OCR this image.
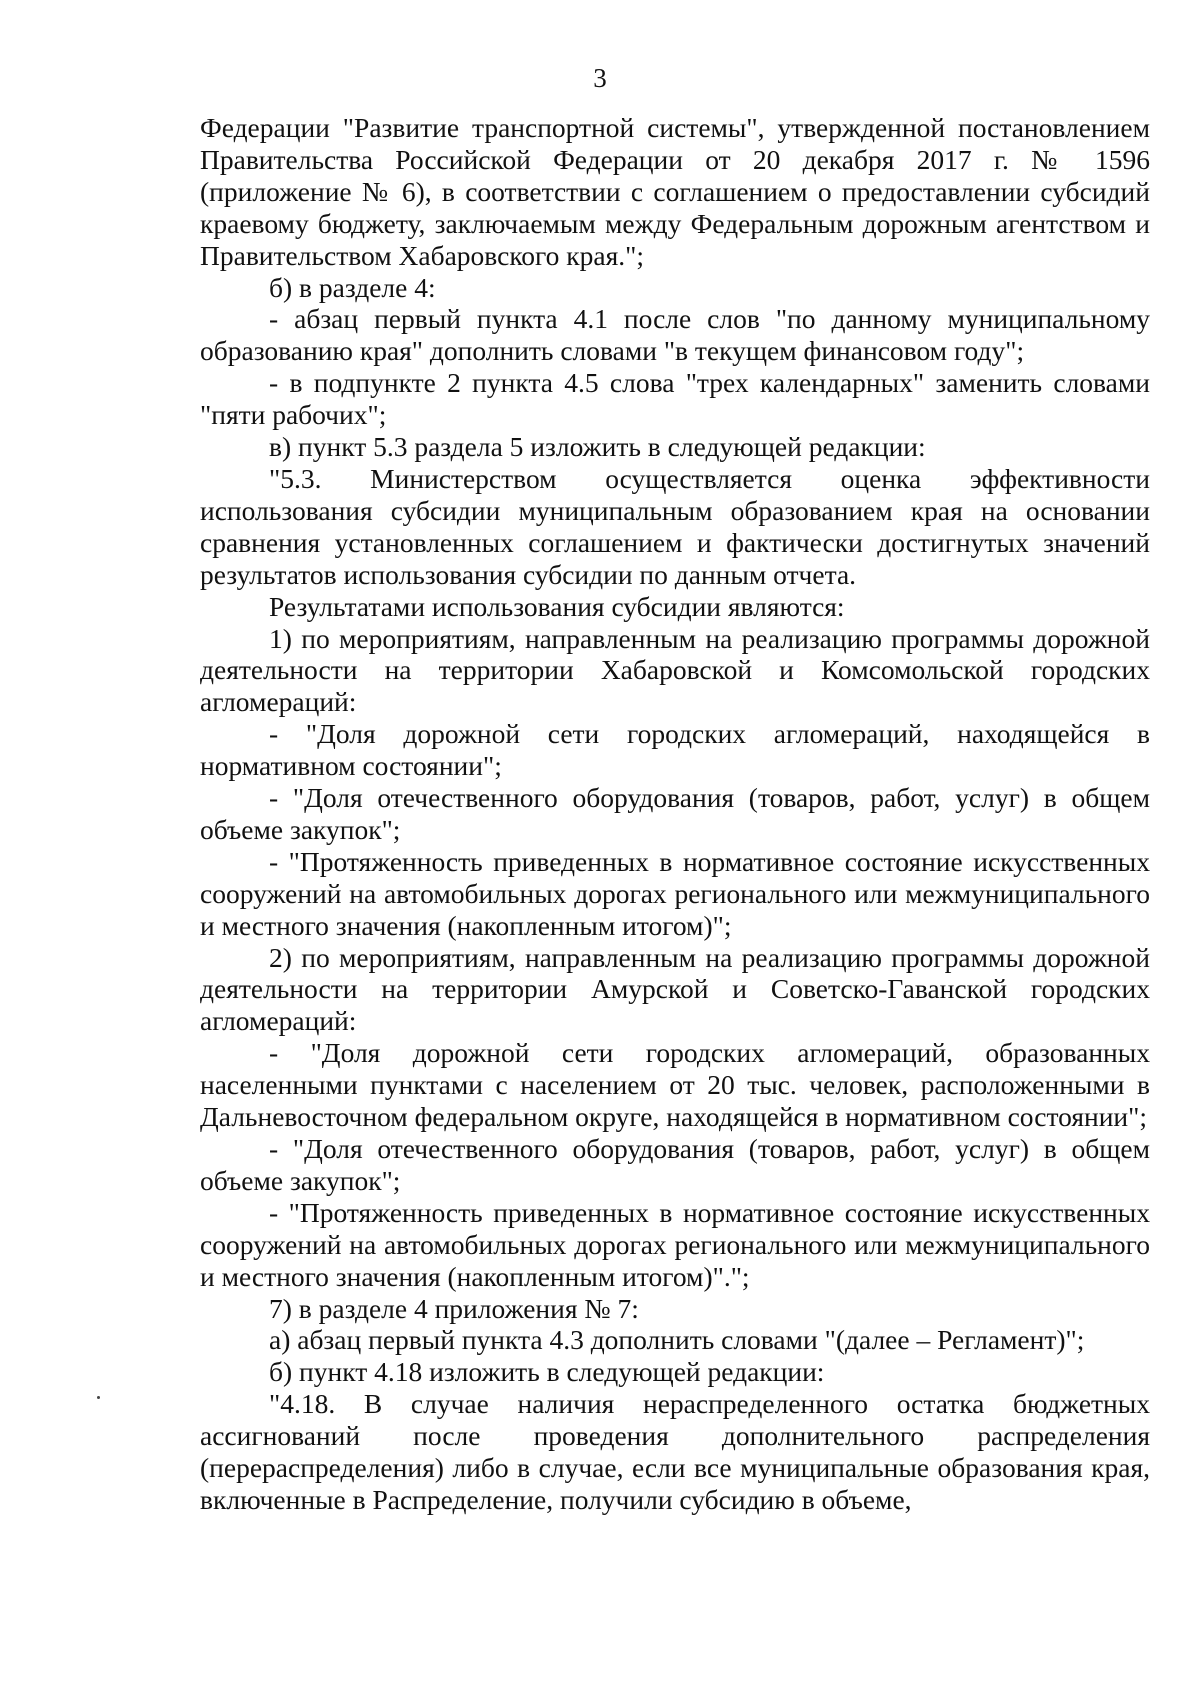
3

Федерации "Развитие транспортной системы", утвержденной постановлением Правительства Российской Федерации от 20 декабря 2017 г. № 1596 (приложение № 6), в соответствии с соглашением о предоставлении субсидий краевому бюджету, заключаемым между Федеральным дорожным агентством и Правительством Хабаровского края.";

б) в разделе 4:

- абзац первый пункта 4.1 после слов "по данному муниципальному образованию края" дополнить словами "в текущем финансовом году";

- в подпункте 2 пункта 4.5 слова "трех календарных" заменить словами "пяти рабочих";

в) пункт 5.3 раздела 5 изложить в следующей редакции:

"5.3. Министерством осуществляется оценка эффективности использования субсидии муниципальным образованием края на основании сравнения установленных соглашением и фактически достигнутых значений результатов использования субсидии по данным отчета.

Результатами использования субсидии являются:

1) по мероприятиям, направленным на реализацию программы дорожной деятельности на территории Хабаровской и Комсомольской городских агломераций:

- "Доля дорожной сети городских агломераций, находящейся в нормативном состоянии";

- "Доля отечественного оборудования (товаров, работ, услуг) в общем объеме закупок";

- "Протяженность приведенных в нормативное состояние искусственных сооружений на автомобильных дорогах регионального или межмуниципального и местного значения (накопленным итогом)";

2) по мероприятиям, направленным на реализацию программы дорожной деятельности на территории Амурской и Советско-Гаванской городских агломераций:

- "Доля дорожной сети городских агломераций, образованных населенными пунктами с населением от 20 тыс. человек, расположенными в Дальневосточном федеральном округе, находящейся в нормативном состоянии";

- "Доля отечественного оборудования (товаров, работ, услуг) в общем объеме закупок";

- "Протяженность приведенных в нормативное состояние искусственных сооружений на автомобильных дорогах регионального или межмуниципального и местного значения (накопленным итогом)".";

7) в разделе 4 приложения № 7:

а) абзац первый пункта 4.3 дополнить словами "(далее – Регламент)";

б) пункт 4.18 изложить в следующей редакции:

"4.18. В случае наличия нераспределенного остатка бюджетных ассигнований после проведения дополнительного распределения (перераспределения) либо в случае, если все муниципальные образования края, включенные в Распределение, получили субсидию в объеме,
